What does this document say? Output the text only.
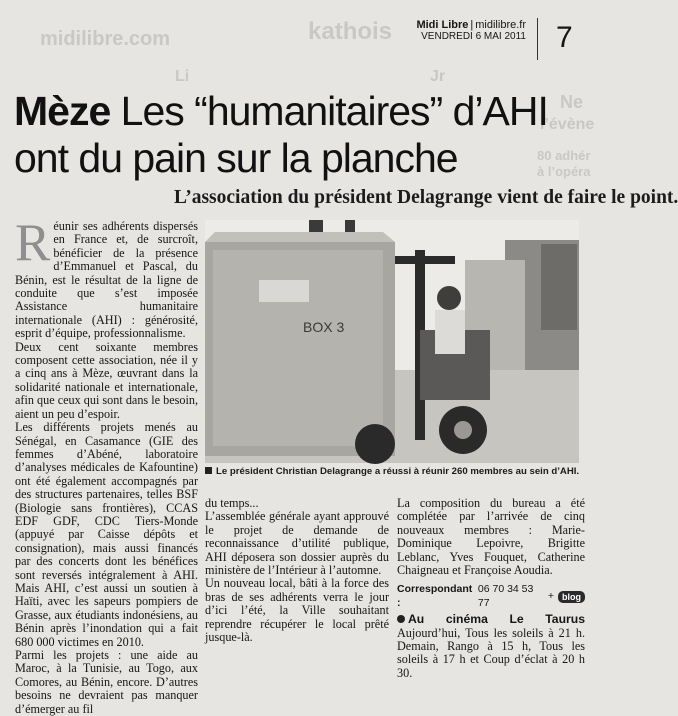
kathois
midilibre.com
Ne
l’évène
80 adhér
à l’opéra
Li	Jr
Midi Libre | midilibre.fr
VENDREDI 6 MAI 2011 7
Mèze Les “humanitaires” d’AHI ont du pain sur la planche
L’association du président Delagrange vient de faire le point.

Réunir ses adhérents dispersés en France et, de surcroît, bénéficier de la présence d’Emmanuel et Pascal, du Bénin, est le résultat de la ligne de conduite que s’est imposée Assistance humanitaire internationale (AHI) : générosité, esprit d’équipe, professionnalisme.

Deux cent soixante membres composent cette association, née il y a cinq ans à Mèze, œuvrant dans la solidarité nationale et internationale, afin que ceux qui sont dans le besoin, aient un peu d’espoir.

Les différents projets menés au Sénégal, en Casamance (GIE des femmes d’Abéné, laboratoire d’analyses médicales de Kafountine) ont été également accompagnés par des structures partenaires, telles BSF (Biologie sans frontières), CCAS EDF GDF, CDC Tiers-Monde (appuyé par Caisse dépôts et consignation), mais aussi financés par des concerts dont les bénéfices sont reversés intégralement à AHI. Mais AHI, c’est aussi un soutien à Haïti, avec les sapeurs pompiers de Grasse, aux étudiants indonésiens, au Bénin après l’inondation qui a fait 680 000 victimes en 2010.

Parmi les projets : une aide au Maroc, à la Tunisie, au Togo, aux Comores, au Bénin, encore. D’autres besoins ne devraient pas manquer d’émerger au fil

BOX 3
Le président Christian Delagrange a réussi à réunir 260 membres au sein d’AHI.

du temps...

L’assemblée générale ayant approuvé le projet de demande de reconnaissance d’utilité publique, AHI déposera son dossier auprès du ministère de l’Intérieur à l’automne.

Un nouveau local, bâti à la force des bras de ses adhérents verra le jour d’ici l’été, la Ville souhaitant reprendre récupérer le local prêté jusque-là.

La composition du bureau a été complétée par l’arrivée de cinq nouveaux membres : Marie-Dominique Lepoivre, Brigitte Leblanc, Yves Fouquet, Catherine Chaigneau et Françoise Aoudia.

Correspondant :
06 70 34 53 77
+ blog

Au cinéma Le Taurus Aujourd’hui, Tous les soleils à 21 h. Demain, Rango à 15 h, Tous les soleils à 17 h et Coup d’éclat à 20 h 30.
